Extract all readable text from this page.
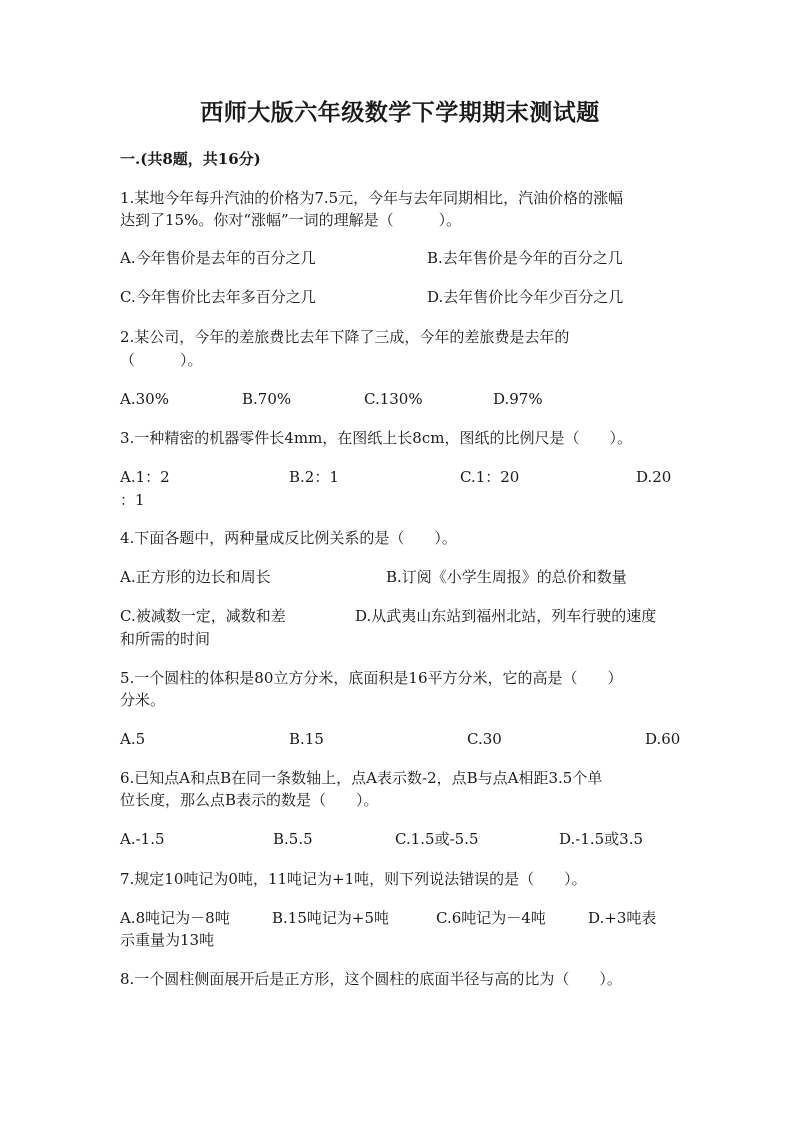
西师大版六年级数学下学期期末测试题
一.(共8题，共16分)
1.某地今年每升汽油的价格为7.5元，今年与去年同期相比，汽油价格的涨幅
达到了15%。你对“涨幅”一词的理解是（　　　）。
A.今年售价是去年的百分之几	B.去年售价是今年的百分之几
C.今年售价比去年多百分之几	D.去年售价比今年少百分之几
2.某公司，今年的差旅费比去年下降了三成，今年的差旅费是去年的
（　　　）。
A.30%	B.70%	C.130%	D.97%
3.一种精密的机器零件长4mm，在图纸上长8cm，图纸的比例尺是（　　）。
A.1：2	B.2：1	C.1：20	D.20
：1
4.下面各题中，两种量成反比例关系的是（　　）。
A.正方形的边长和周长	B.订阅《小学生周报》的总价和数量
C.被减数一定，减数和差	D.从武夷山东站到福州北站，列车行驶的速度
和所需的时间
5.一个圆柱的体积是80立方分米，底面积是16平方分米，它的高是（　　）
分米。
A.5	B.15	C.30	D.60
6.已知点A和点B在同一条数轴上，点A表示数-2，点B与点A相距3.5个单
位长度，那么点B表示的数是（　　）。
A.-1.5	B.5.5	C.1.5或-5.5	D.-1.5或3.5
7.规定10吨记为0吨，11吨记为+1吨，则下列说法错误的是（　　）。
A.8吨记为－8吨	B.15吨记为+5吨	C.6吨记为－4吨	D.+3吨表
示重量为13吨
8.一个圆柱侧面展开后是正方形，这个圆柱的底面半径与高的比为（　　）。
